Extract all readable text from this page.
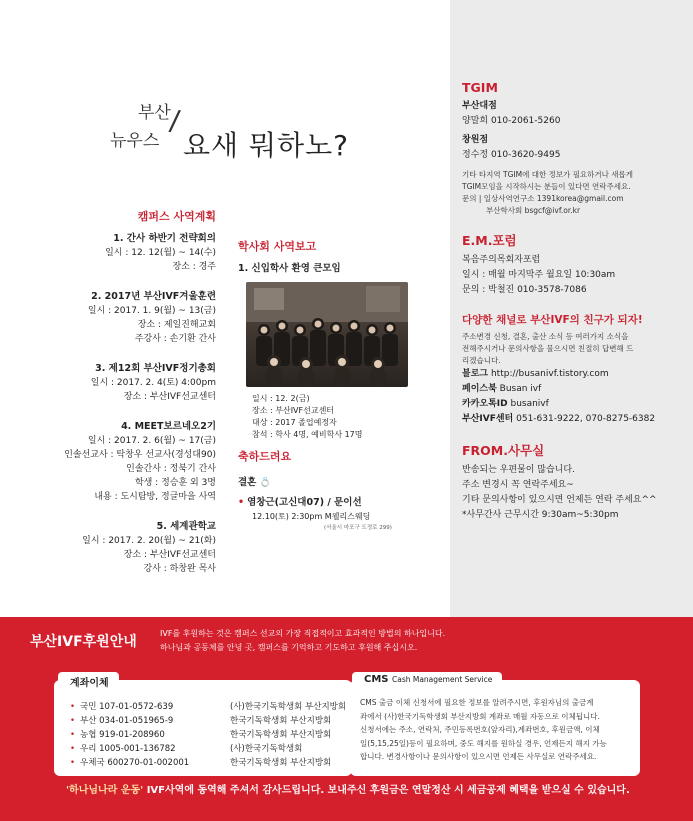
TGIM
부산대점
양말희 010-2061-5260
창원점
정수정 010-3620-9495
기타 타지역 TGIM에 대한 정보가 필요하거나 새롭게
TGIM모임을 시작하시는 분들이 있다면 연락주세요.
문의 | 일상사역연구소 1391korea@gmail.com
부산학사회 bsgcf@ivf.or.kr
E.M.포럼
복음주의목회자포럼
일시 : 매월 마지막주 월요일 10:30am
문의 : 박철진 010-3578-7086
다양한 채널로 부산IVF의 친구가 되자!
주소변경 신청, 결혼, 출산 소식 등 여러가지 소식을
전해주시거나 문의사항을 물으시면 친절히 답변해 드
리겠습니다.
블로그 http://busanivf.tistory.com
페이스북 Busan ivf
카카오톡ID busanivf
부산IVF센터 051-631-9222, 070-8275-6382
FROM.사무실
반송되는 우편물이 많습니다.
주소 변경시 꼭 연락주세요~
기타 문의사항이 있으시면 언제든 연락 주세요^^
*사무간사 근무시간 9:30am~5:30pm
부산
뉴우스
/
요새 뭐하노?
캠퍼스 사역계획
1. 간사 하반기 전략회의
일시 : 12. 12(월) ~ 14(수)
장소 : 경주
2. 2017년 부산IVF겨울훈련
일시 : 2017. 1. 9(월) ~ 13(금)
장소 : 제일진해교회
주강사 : 손기환 간사
3. 제12회 부산IVF정기총회
일시 : 2017. 2. 4(토) 4:00pm
장소 : 부산IVF선교센터
4. MEET보르네오2기
일시 : 2017. 2. 6(월) ~ 17(금)
인솔선교사 : 탁창우 선교사(경성대90)
인솔간사 : 정북기 간사
학생 : 정승훈 외 3명
내용 : 도시탐방, 정글마을 사역
5. 세계관학교
일시 : 2017. 2. 20(월) ~ 21(화)
장소 : 부산IVF선교센터
강사 : 하창완 목사
학사회 사역보고
1. 신입학사 환영 큰모임
일시 : 12. 2(금)
장소 : 부산IVF선교센터
대상 : 2017 졸업예정자
참석 : 학사 4명, 예비학사 17명
축하드려요
결혼 💍
• 염창근(고신대07) / 문이선
12.10(토) 2:30pm M웰리스웨딩
(서울시 마포구 도정로 299)
부산IVF후원안내
IVF를 후원하는 것은 캠퍼스 선교의 가장 직접적이고 효과적인 방법의 하나입니다.
하나님과 공동체를 안녕 곳, 캠퍼스를 기억하고 기도하고 후원해 주십시오.
계좌이체
• 국민 107-01-0572-639	(사)한국기독학생회 부산지방회
• 부산 034-01-051965-9	한국기독학생회 부산지방회
• 농협 919-01-208960	한국기독학생회 부산지방회
• 우리 1005-001-136782	(사)한국기독학생회
• 우체국 600270-01-002001	한국기독학생회 부산지방회
CMS Cash Management Service
CMS 출금 이체 신청서에 필요한 정보를 알려주시면, 후원자님의 출금계
좌에서 (사)한국기독학생회 부산지방회 계좌로 매월 자동으로 이체됩니다.
신청서에는 주소, 연락처, 주민등록번호(앞자리),계좌번호, 후원금액, 이체
일(5,15,25일)등이 필요하며, 중도 해지를 원하실 경우, 언제든지 해지 가능
합니다. 변경사항이나 문의사항이 있으시면 언제든 사무실로 연락주세요.
'하나님나라 운동' IVF사역에 동역해 주셔서 감사드립니다. 보내주신 후원금은 연말정산 시 세금공제 혜택을 받으실 수 있습니다.
